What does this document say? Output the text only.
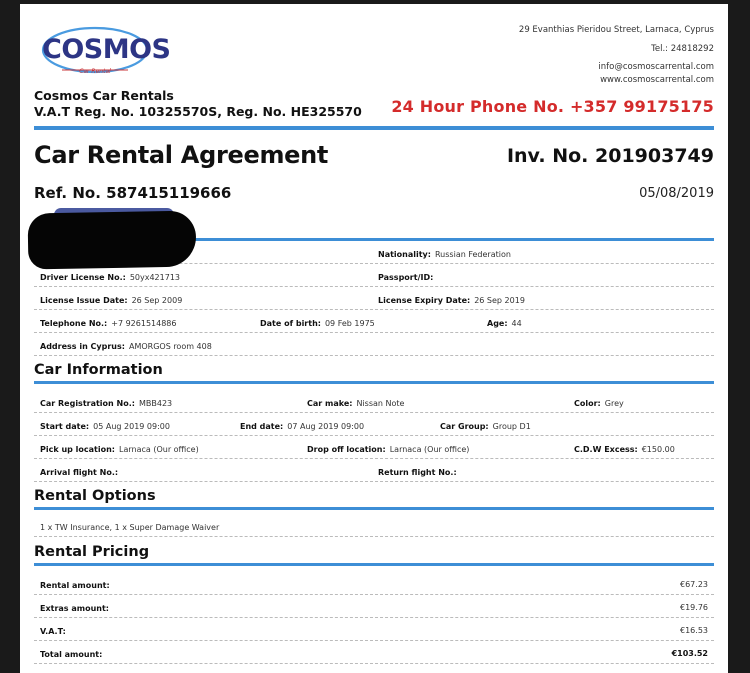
COSMOS
Car Rental
Cosmos Car Rentals
V.A.T Reg. No. 10325570S, Reg. No. HE325570
29 Evanthias Pieridou Street, Larnaca, Cyprus
Tel.: 24818292
info@cosmoscarrental.com
www.cosmoscarrental.com
24 Hour Phone No. +357 99175175
Car Rental Agreement	Inv. No. 201903749
Ref. No. 587415119666	05/08/2019
Nationality: Russian Federation
Driver License No.: 50yx421713	Passport/ID:
License Issue Date: 26 Sep 2009	License Expiry Date: 26 Sep 2019
Telephone No.: +7 9261514886	Date of birth: 09 Feb 1975	Age: 44
Address in Cyprus: AMORGOS room 408
Car Information
Car Registration No.: MBB423	Car make: Nissan Note	Color: Grey
Start date: 05 Aug 2019 09:00	End date: 07 Aug 2019 09:00	Car Group: Group D1
Pick up location: Larnaca (Our office)	Drop off location: Larnaca (Our office)	C.D.W Excess: €150.00
Arrival flight No.:	Return flight No.:
Rental Options
1 x TW Insurance, 1 x Super Damage Waiver
Rental Pricing
Rental amount:	€67.23
Extras amount:	€19.76
V.A.T:	€16.53
Total amount:	€103.52
